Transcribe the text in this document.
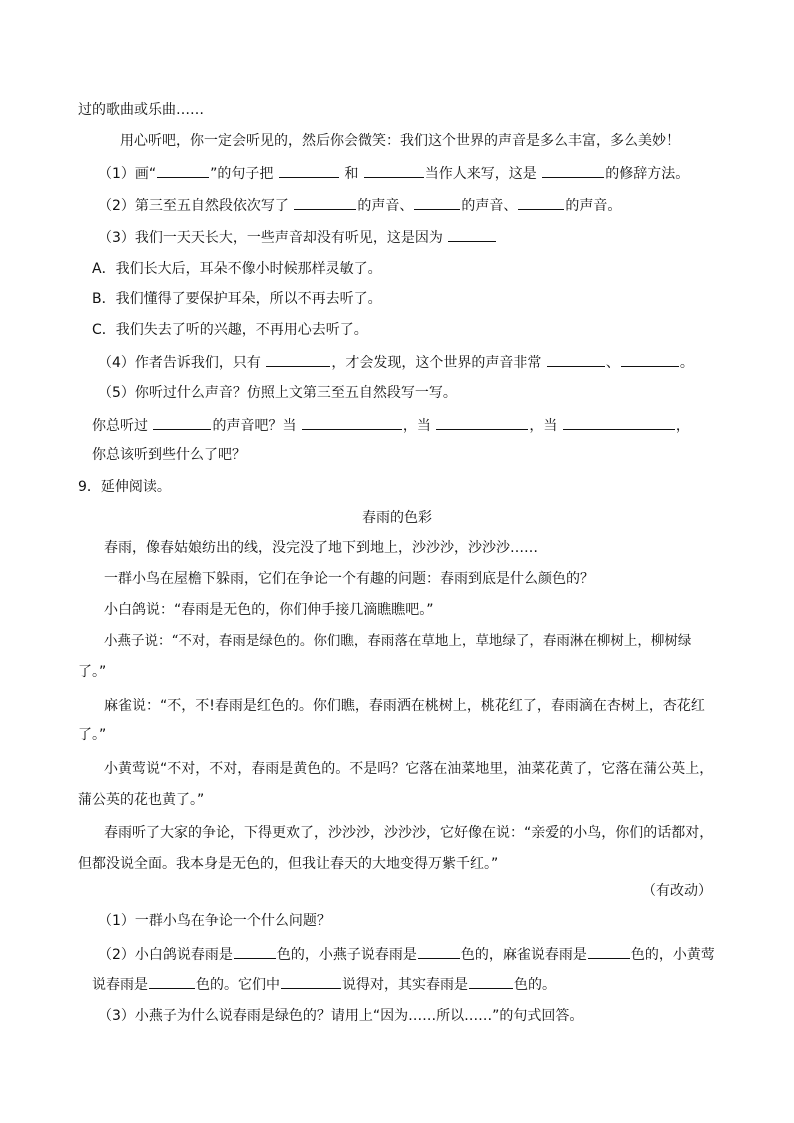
过的歌曲或乐曲……
用心听吧，你一定会听见的，然后你会微笑：我们这个世界的声音是多么丰富，多么美妙！
（1）画“	”的句子把	和	当作人来写，这是	的修辞方法。
（2）第三至五自然段依次写了	的声音、	的声音、	的声音。
（3）我们一天天长大，一些声音却没有听见，这是因为
A．我们长大后，耳朵不像小时候那样灵敏了。
B．我们懂得了要保护耳朵，所以不再去听了。
C．我们失去了听的兴趣，不再用心去听了。
（4）作者告诉我们，只有	，才会发现，这个世界的声音非常	、	。
（5）你听过什么声音？仿照上文第三至五自然段写一写。
你总听过	的声音吧？当	，当	，当	，
你总该听到些什么了吧？
9．延伸阅读。
春雨的色彩
春雨，像春姑娘纺出的线，没完没了地下到地上，沙沙沙，沙沙沙……
一群小鸟在屋檐下躲雨，它们在争论一个有趣的问题：春雨到底是什么颜色的？
小白鸽说：“春雨是无色的，你们伸手接几滴瞧瞧吧。”
小燕子说：“不对，春雨是绿色的。你们瞧，春雨落在草地上，草地绿了，春雨淋在柳树上，柳树绿
了。”
麻雀说：“不，不!春雨是红色的。你们瞧，春雨洒在桃树上，桃花红了，春雨滴在杏树上，杏花红
了。”
小黄莺说“不对，不对，春雨是黄色的。不是吗？它落在油菜地里，油菜花黄了，它落在蒲公英上，
蒲公英的花也黄了。”
春雨听了大家的争论，下得更欢了，沙沙沙，沙沙沙，它好像在说：“亲爱的小鸟，你们的话都对，
但都没说全面。我本身是无色的，但我让春天的大地变得万紫千红。”
（有改动）
（1）一群小鸟在争论一个什么问题？
（2）小白鸽说春雨是	色的，小燕子说春雨是	色的，麻雀说春雨是	色的，小黄莺
说春雨是	色的。它们中	说得对，其实春雨是	色的。
（3）小燕子为什么说春雨是绿色的？请用上“因为……所以……”的句式回答。
